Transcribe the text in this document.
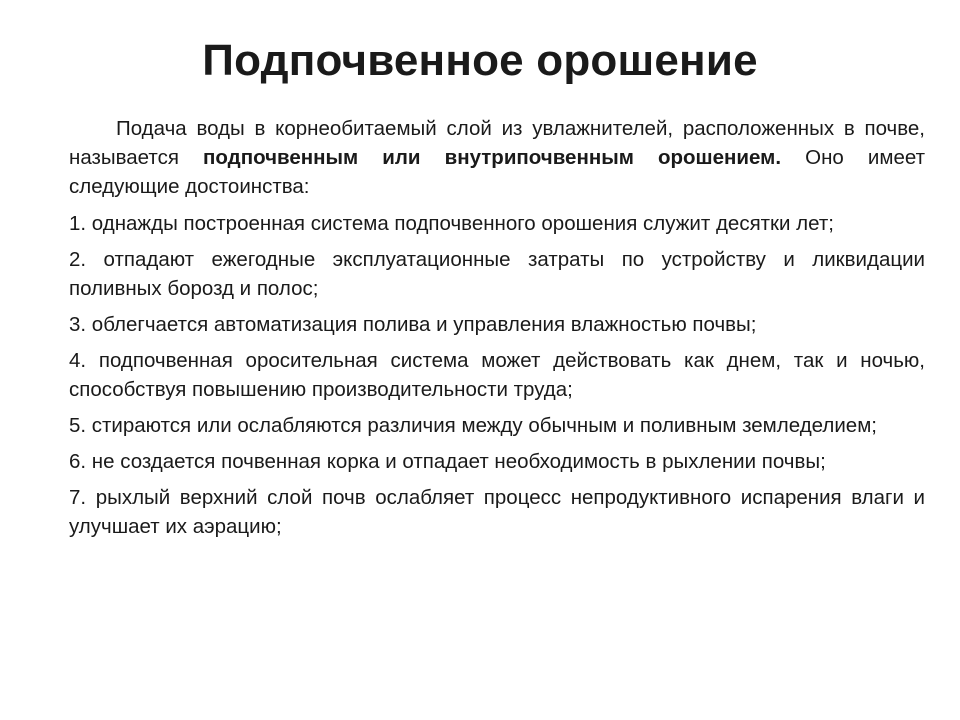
Подпочвенное орошение

Подача воды в корнеобитаемый слой из увлажнителей, расположенных в почве, называется подпочвенным или внутрипочвенным орошением. Оно имеет следующие достоинства:

1. однажды построенная система подпочвенного орошения служит десятки лет;

2. отпадают ежегодные эксплуатационные затраты по устройству и ликвидации поливных борозд и полос;

3. облегчается автоматизация полива и управления влажностью почвы;

4. подпочвенная оросительная система может действовать как днем, так и ночью, способствуя повышению производительности труда;

5. стираются или ослабляются различия между обычным и поливным земледелием;

6. не создается почвенная корка и отпадает необходимость в рыхлении почвы;

7. рыхлый верхний слой почв ослабляет процесс непродуктивного испарения влаги и улучшает их аэрацию;
